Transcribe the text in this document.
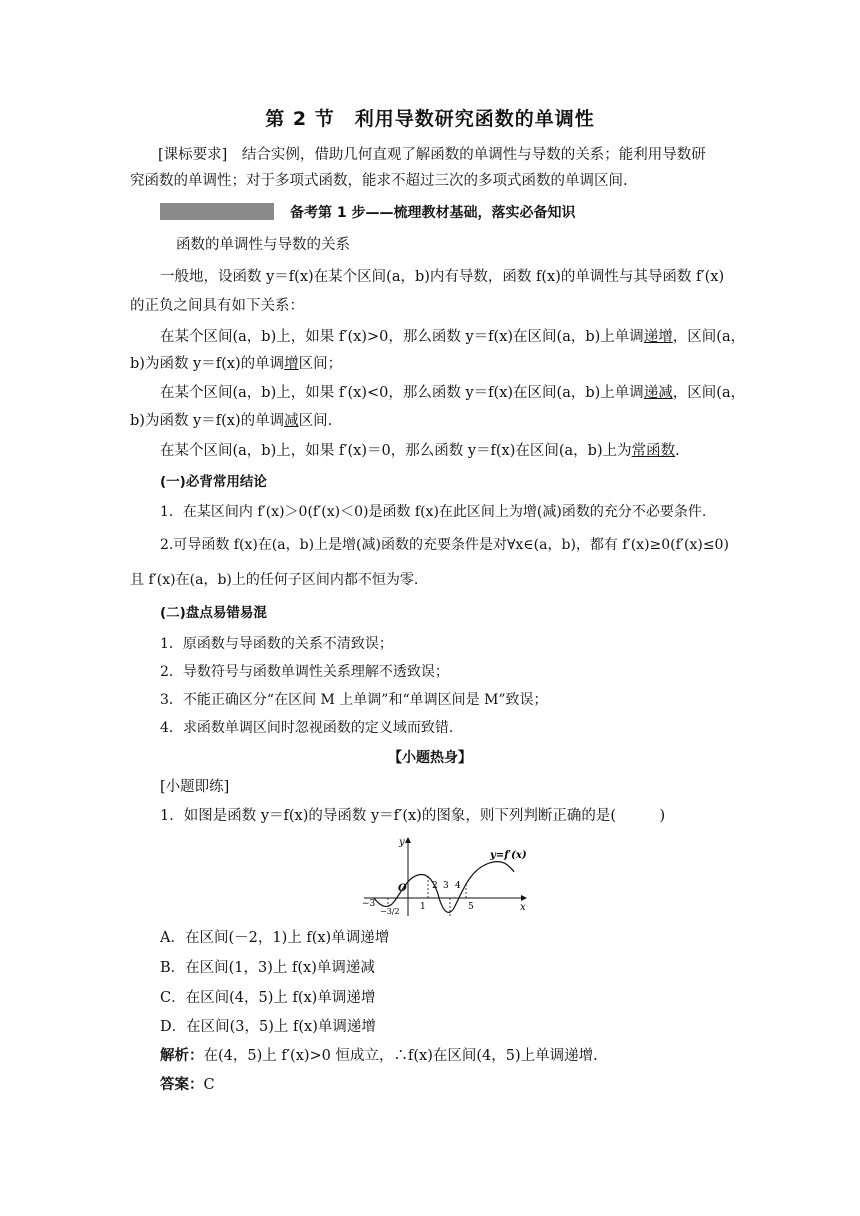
第 2 节　利用导数研究函数的单调性
[课标要求]　结合实例，借助几何直观了解函数的单调性与导数的关系；能利用导数研
究函数的单调性；对于多项式函数，能求不超过三次的多项式函数的单调区间.
备考第 1 步——梳理教材基础，落实必备知识
函数的单调性与导数的关系
一般地，设函数 y＝f(x)在某个区间(a，b)内有导数，函数 f(x)的单调性与其导函数 f′(x)
的正负之间具有如下关系：
在某个区间(a，b)上，如果 f′(x)>0，那么函数 y＝f(x)在区间(a，b)上单调递增，区间(a，
b)为函数 y＝f(x)的单调增区间；
在某个区间(a，b)上，如果 f′(x)<0，那么函数 y＝f(x)在区间(a，b)上单调递减，区间(a，
b)为函数 y＝f(x)的单调减区间.
在某个区间(a，b)上，如果 f′(x)＝0，那么函数 y＝f(x)在区间(a，b)上为常函数.
(一)必背常用结论
1．在某区间内 f′(x)＞0(f′(x)＜0)是函数 f(x)在此区间上为增(减)函数的充分不必要条件.
2.可导函数 f(x)在(a，b)上是增(减)函数的充要条件是对∀x∈(a，b)，都有 f′(x)≥0(f′(x)≤0)
且 f′(x)在(a，b)上的任何子区间内都不恒为零.
(二)盘点易错易混
1．原函数与导函数的关系不清致误；
2．导数符号与函数单调性关系理解不透致误；
3．不能正确区分“在区间 M 上单调”和“单调区间是 M”致误；
4．求函数单调区间时忽视函数的定义域而致错.
【小题热身】
[小题即练]
1．如图是函数 y＝f(x)的导函数 y＝f′(x)的图象，则下列判断正确的是(　　　)
y
x
O
y=f′(x)
−3
−3/2 1
2 3 4
5
A．在区间(－2，1)上 f(x)单调递增
B．在区间(1，3)上 f(x)单调递减
C．在区间(4，5)上 f(x)单调递增
D．在区间(3，5)上 f(x)单调递增
解析：在(4，5)上 f′(x)>0 恒成立，∴f(x)在区间(4，5)上单调递增.
答案：C
